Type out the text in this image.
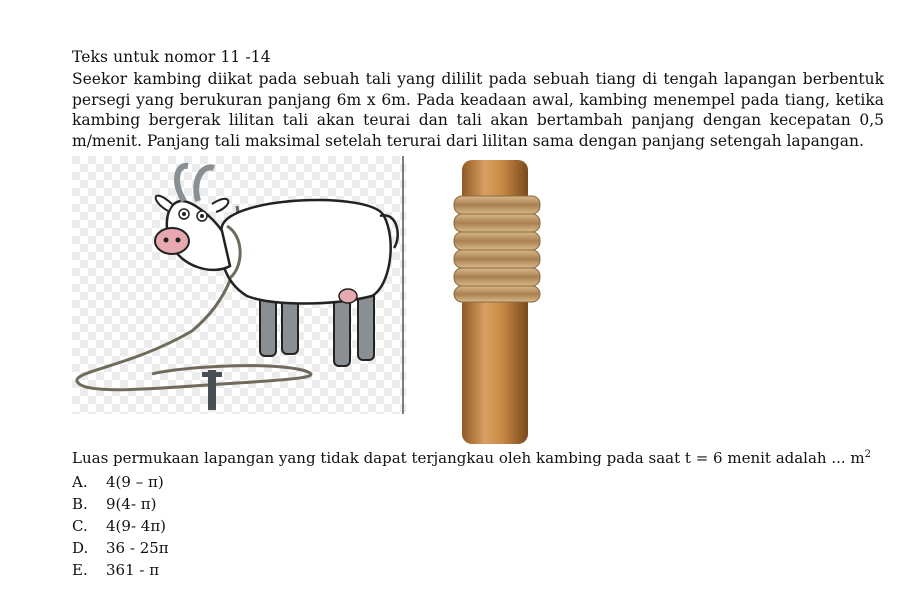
Teks untuk nomor 11 -14
Seekor kambing diikat pada sebuah tali yang dililit pada sebuah tiang di tengah lapangan berbentuk persegi yang berukuran panjang 6m x 6m. Pada keadaan awal, kambing menempel pada tiang, ketika kambing bergerak lilitan tali akan teurai dan tali akan bertambah panjang dengan kecepatan 0,5 m/menit. Panjang tali maksimal setelah terurai dari lilitan sama dengan panjang setengah lapangan.
Luas permukaan lapangan yang tidak dapat terjangkau oleh kambing pada saat t = 6 menit adalah ... $m^2$
A. 4(9 – π)
B. 9(4- π)
C. 4(9- 4π)
D. 36 - 25π
E. 361 - π
